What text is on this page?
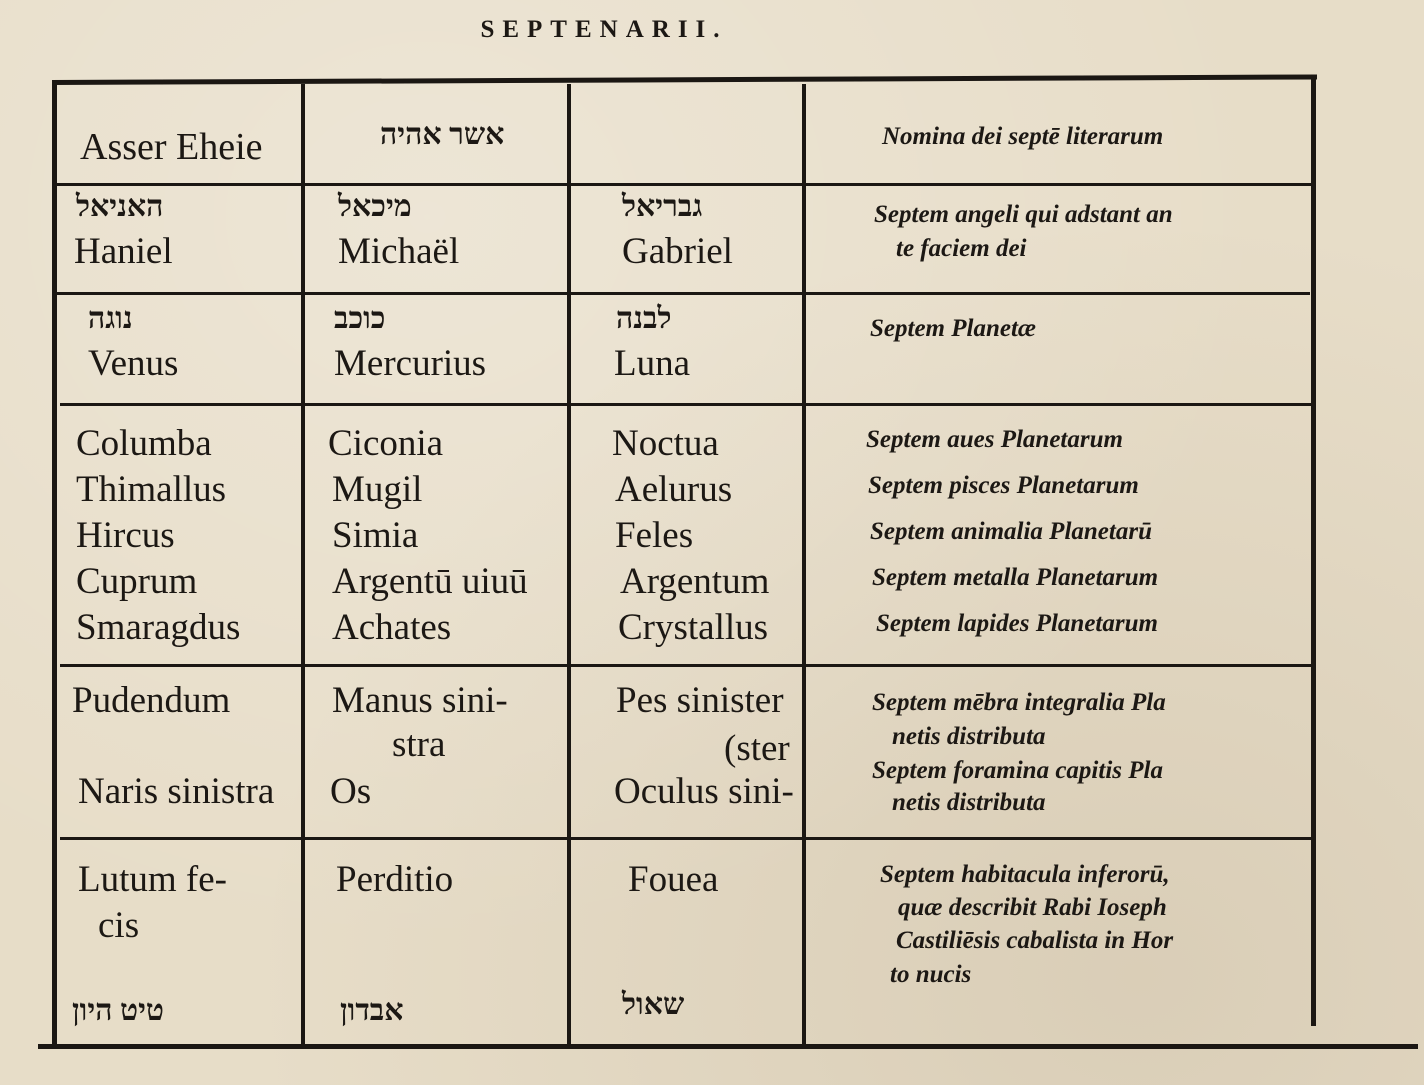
SEPTENARII.
Asser Eheie	אשר אהיה	Nomina dei septē literarum
האניאל
Haniel
מיכאל
Michaël
גבריאל
Gabriel
Septem angeli qui adstant an
te faciem dei
נוגה
Venus
כוכב
Mercurius
לבנה
Luna
Septem Planetæ
Columba
Thimallus
Hircus
Cuprum
Smaragdus
Ciconia
Mugil
Simia
Argentū uiuū
Achates
Noctua
Aelurus
Feles
Argentum
Crystallus
Septem aues Planetarum
Septem pisces Planetarum
Septem animalia Planetarū
Septem metalla Planetarum
Septem lapides Planetarum
Pudendum
Naris sinistra
Manus sini-
stra
Os
Pes sinister
(ster
Oculus sini-
Septem mēbra integralia Pla
netis distributa
Septem foramina capitis Pla
netis distributa
Lutum fe-
cis
טיט היון
Perditio
אבדון
Fouea
שאול
Septem habitacula inferorū,
quæ describit Rabi Ioseph
Castiliēsis cabalista in Hor
to nucis
